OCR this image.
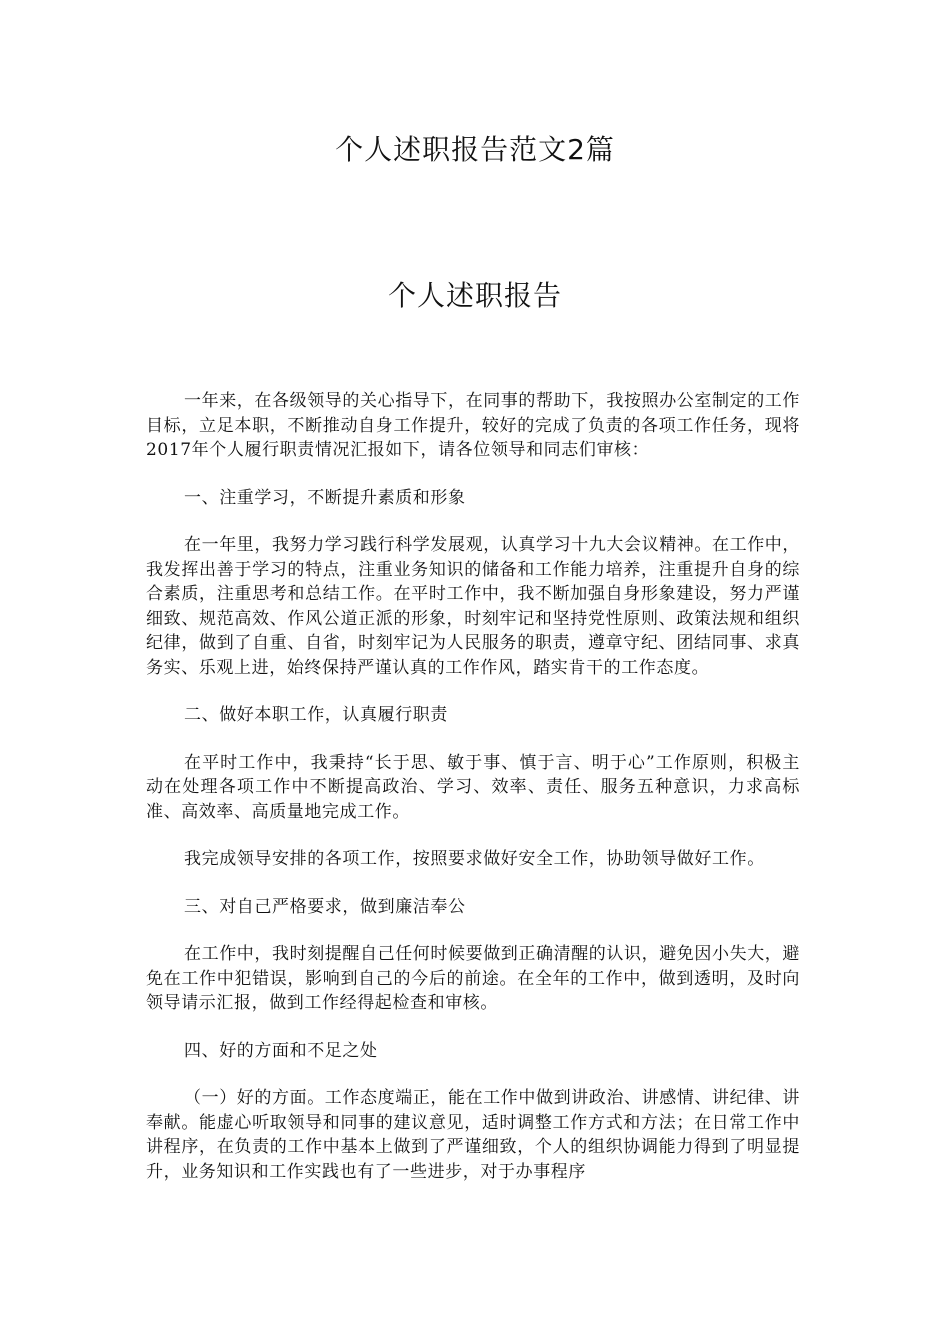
个人述职报告范文2篇
个人述职报告

一年来，在各级领导的关心指导下，在同事的帮助下，我按照办公室制定的工作目标，立足本职，不断推动自身工作提升，较好的完成了负责的各项工作任务，现将2017年个人履行职责情况汇报如下，请各位领导和同志们审核：

一、注重学习，不断提升素质和形象

在一年里，我努力学习践行科学发展观，认真学习十九大会议精神。在工作中，我发挥出善于学习的特点，注重业务知识的储备和工作能力培养，注重提升自身的综合素质，注重思考和总结工作。在平时工作中，我不断加强自身形象建设，努力严谨细致、规范高效、作风公道正派的形象，时刻牢记和坚持党性原则、政策法规和组织纪律，做到了自重、自省，时刻牢记为人民服务的职责，遵章守纪、团结同事、求真务实、乐观上进，始终保持严谨认真的工作作风，踏实肯干的工作态度。

二、做好本职工作，认真履行职责

在平时工作中，我秉持“长于思、敏于事、慎于言、明于心”工作原则，积极主动在处理各项工作中不断提高政治、学习、效率、责任、服务五种意识，力求高标准、高效率、高质量地完成工作。

我完成领导安排的各项工作，按照要求做好安全工作，协助领导做好工作。

三、对自己严格要求，做到廉洁奉公

在工作中，我时刻提醒自己任何时候要做到正确清醒的认识，避免因小失大，避免在工作中犯错误，影响到自己的今后的前途。在全年的工作中，做到透明，及时向领导请示汇报，做到工作经得起检查和审核。

四、好的方面和不足之处

（一）好的方面。工作态度端正，能在工作中做到讲政治、讲感情、讲纪律、讲奉献。能虚心听取领导和同事的建议意见，适时调整工作方式和方法；在日常工作中讲程序，在负责的工作中基本上做到了严谨细致，个人的组织协调能力得到了明显提升，业务知识和工作实践也有了一些进步，对于办事程序
